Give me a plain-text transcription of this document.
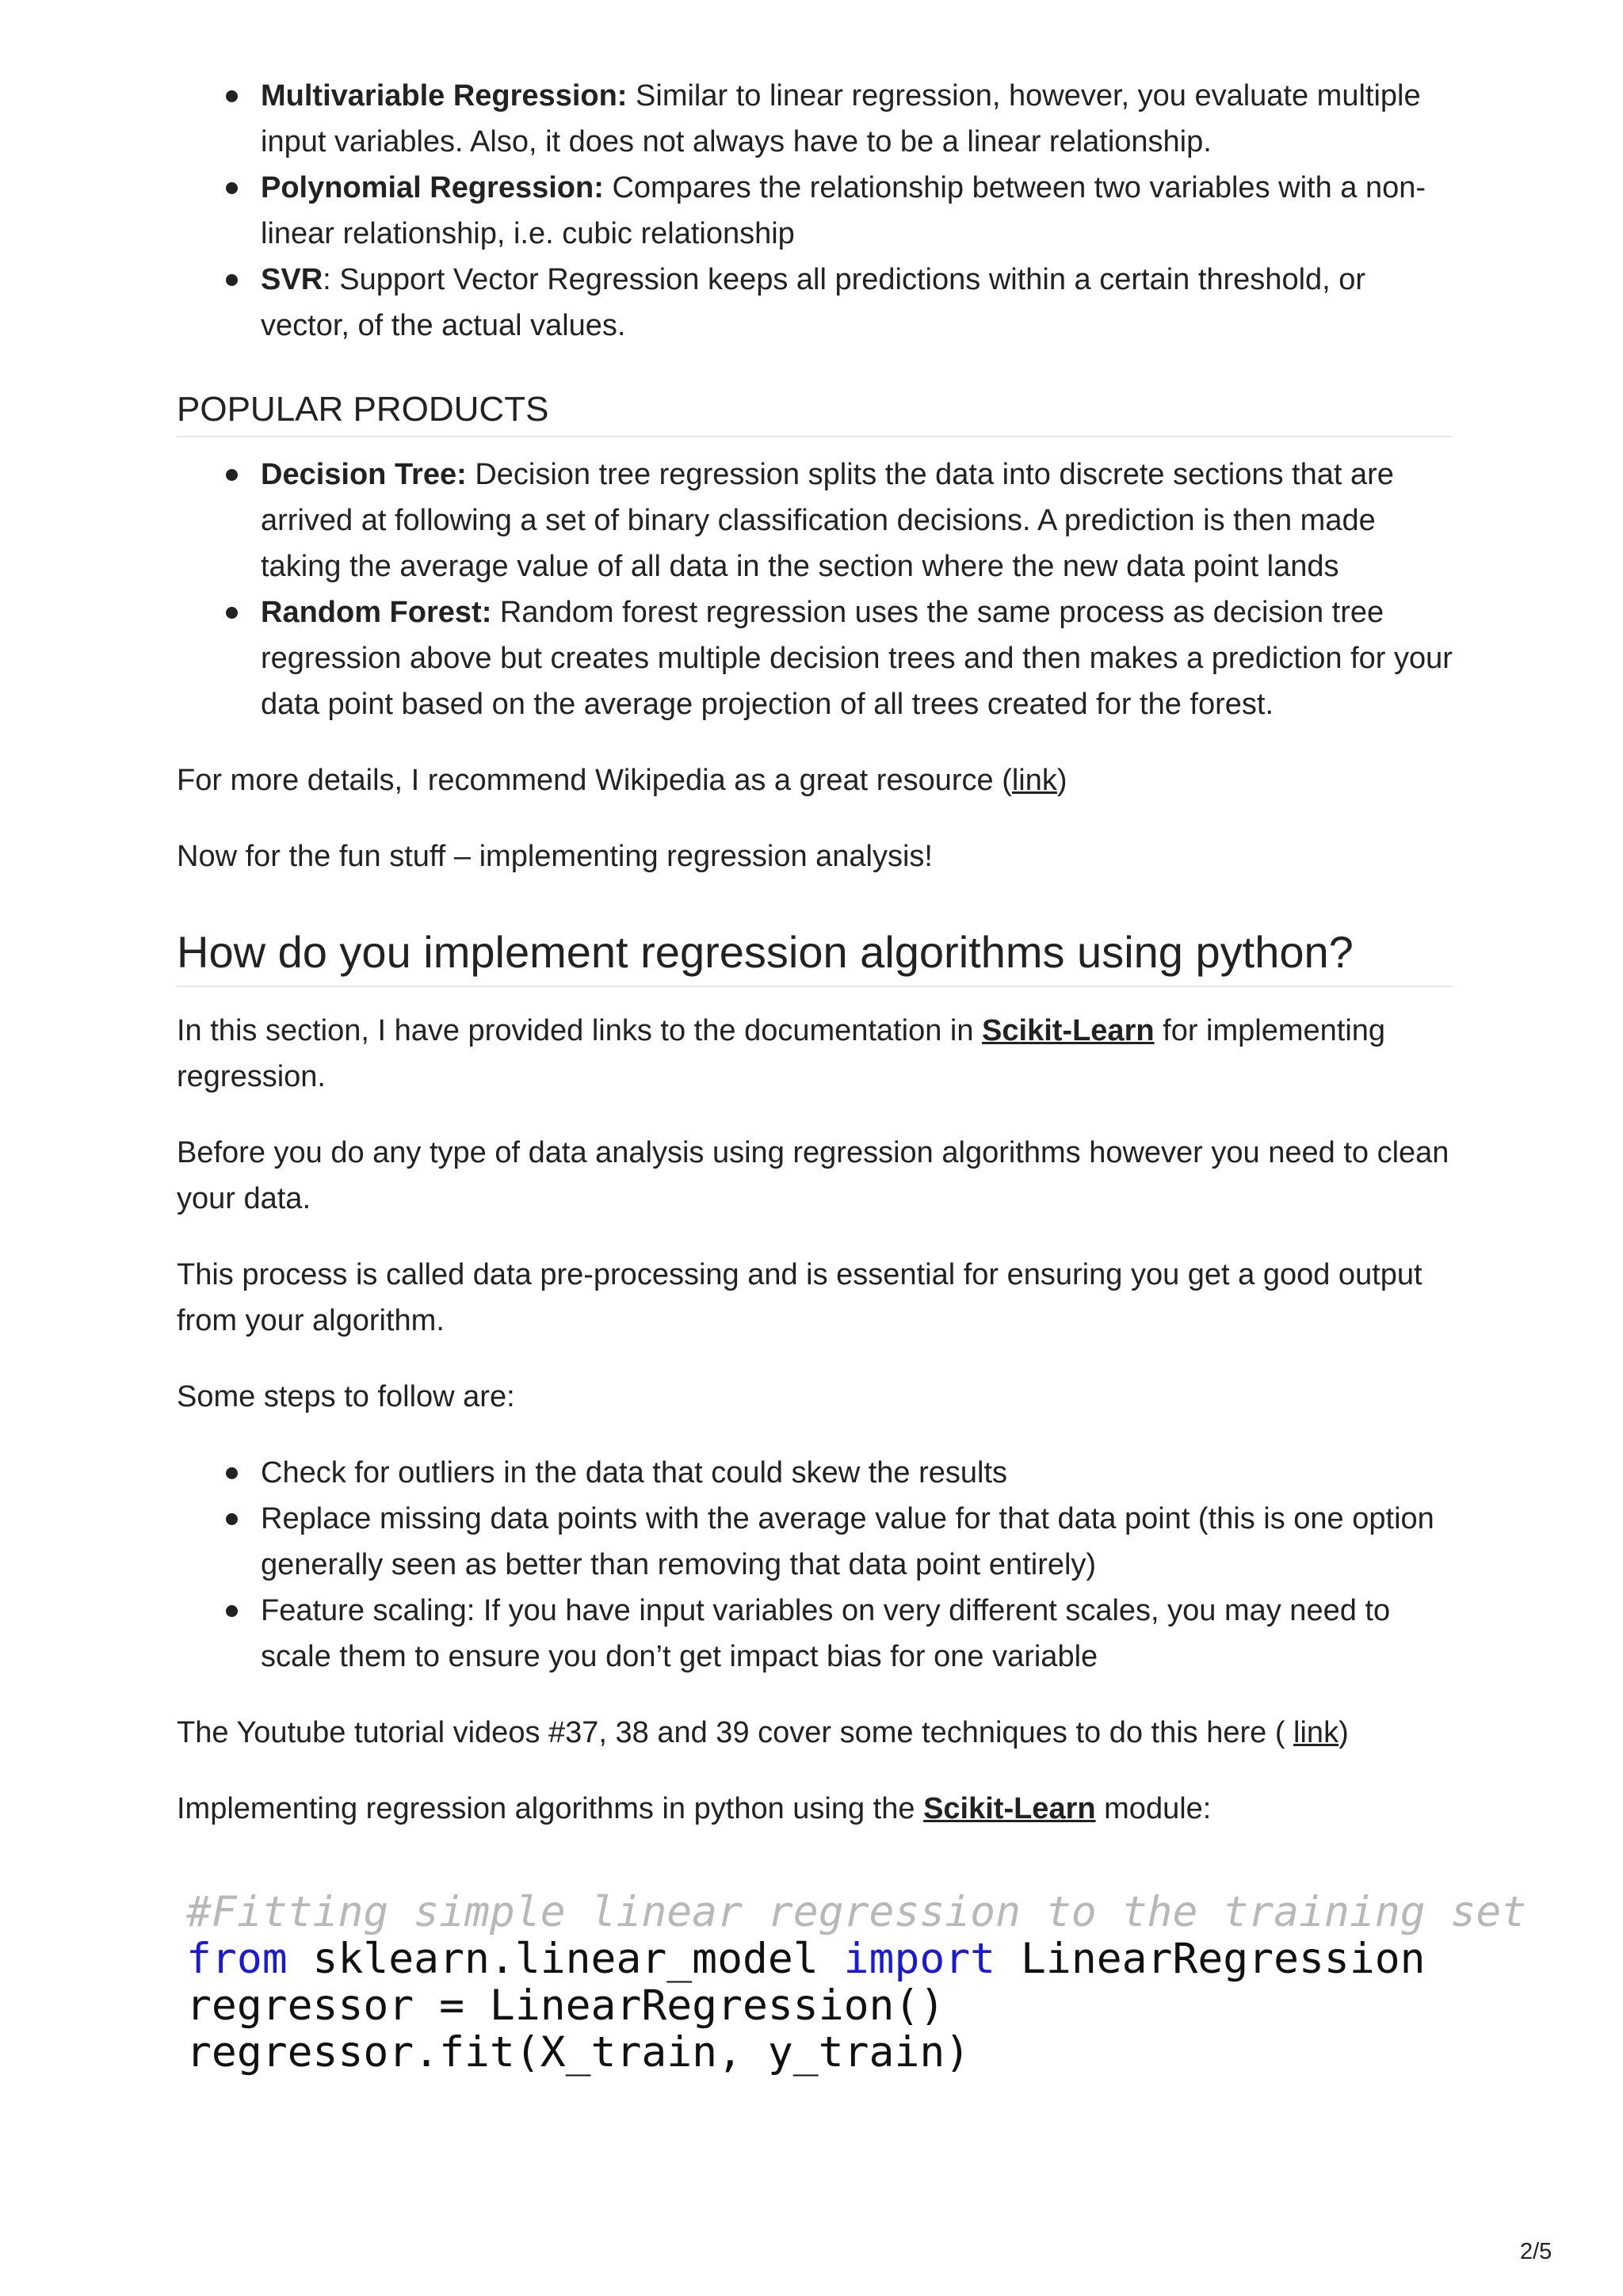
Multivariable Regression: Similar to linear regression, however, you evaluate multiple input variables. Also, it does not always have to be a linear relationship.
Polynomial Regression: Compares the relationship between two variables with a non-linear relationship, i.e. cubic relationship
SVR: Support Vector Regression keeps all predictions within a certain threshold, or vector, of the actual values.
POPULAR PRODUCTS
Decision Tree: Decision tree regression splits the data into discrete sections that are arrived at following a set of binary classification decisions. A prediction is then made taking the average value of all data in the section where the new data point lands
Random Forest: Random forest regression uses the same process as decision tree regression above but creates multiple decision trees and then makes a prediction for your data point based on the average projection of all trees created for the forest.

For more details, I recommend Wikipedia as a great resource (link)

Now for the fun stuff – implementing regression analysis!

How do you implement regression algorithms using python?

In this section, I have provided links to the documentation in Scikit-Learn for implementing regression.

Before you do any type of data analysis using regression algorithms however you need to clean your data.

This process is called data pre-processing and is essential for ensuring you get a good output from your algorithm.

Some steps to follow are:

Check for outliers in the data that could skew the results
Replace missing data points with the average value for that data point (this is one option generally seen as better than removing that data point entirely)
Feature scaling: If you have input variables on very different scales, you may need to scale them to ensure you don’t get impact bias for one variable

The Youtube tutorial videos #37, 38 and 39 cover some techniques to do this here ( link)

Implementing regression algorithms in python using the Scikit-Learn module:

#Fitting simple linear regression to the training set
from sklearn.linear_model import LinearRegression
regressor = LinearRegression()
regressor.fit(X_train, y_train)
2/5
